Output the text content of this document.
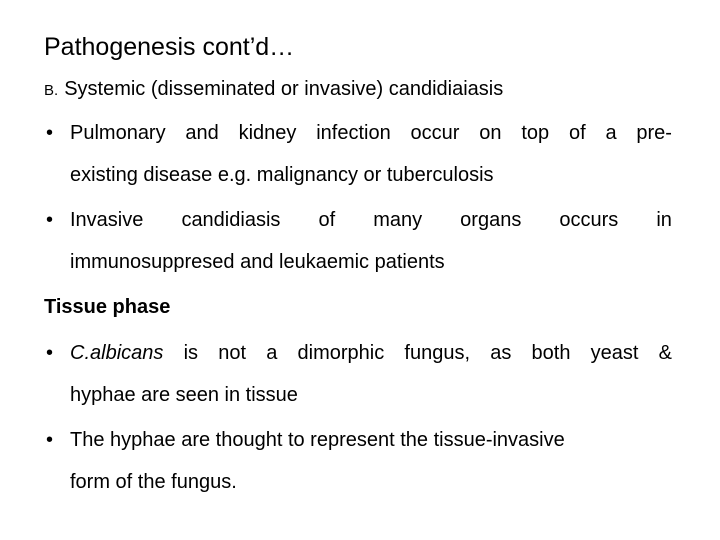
Pathogenesis cont’d…
B. Systemic (disseminated or invasive) candidiaiasis
• Pulmonary and kidney infection occur on top of a pre-
existing disease e.g. malignancy or tuberculosis
• Invasive candidiasis of many organs occurs in
immunosuppresed and leukaemic patients
Tissue phase
• C.albicans is not a dimorphic fungus, as both yeast &
hyphae are seen in tissue
• The hyphae are thought to represent the tissue-invasive
form of the fungus.
